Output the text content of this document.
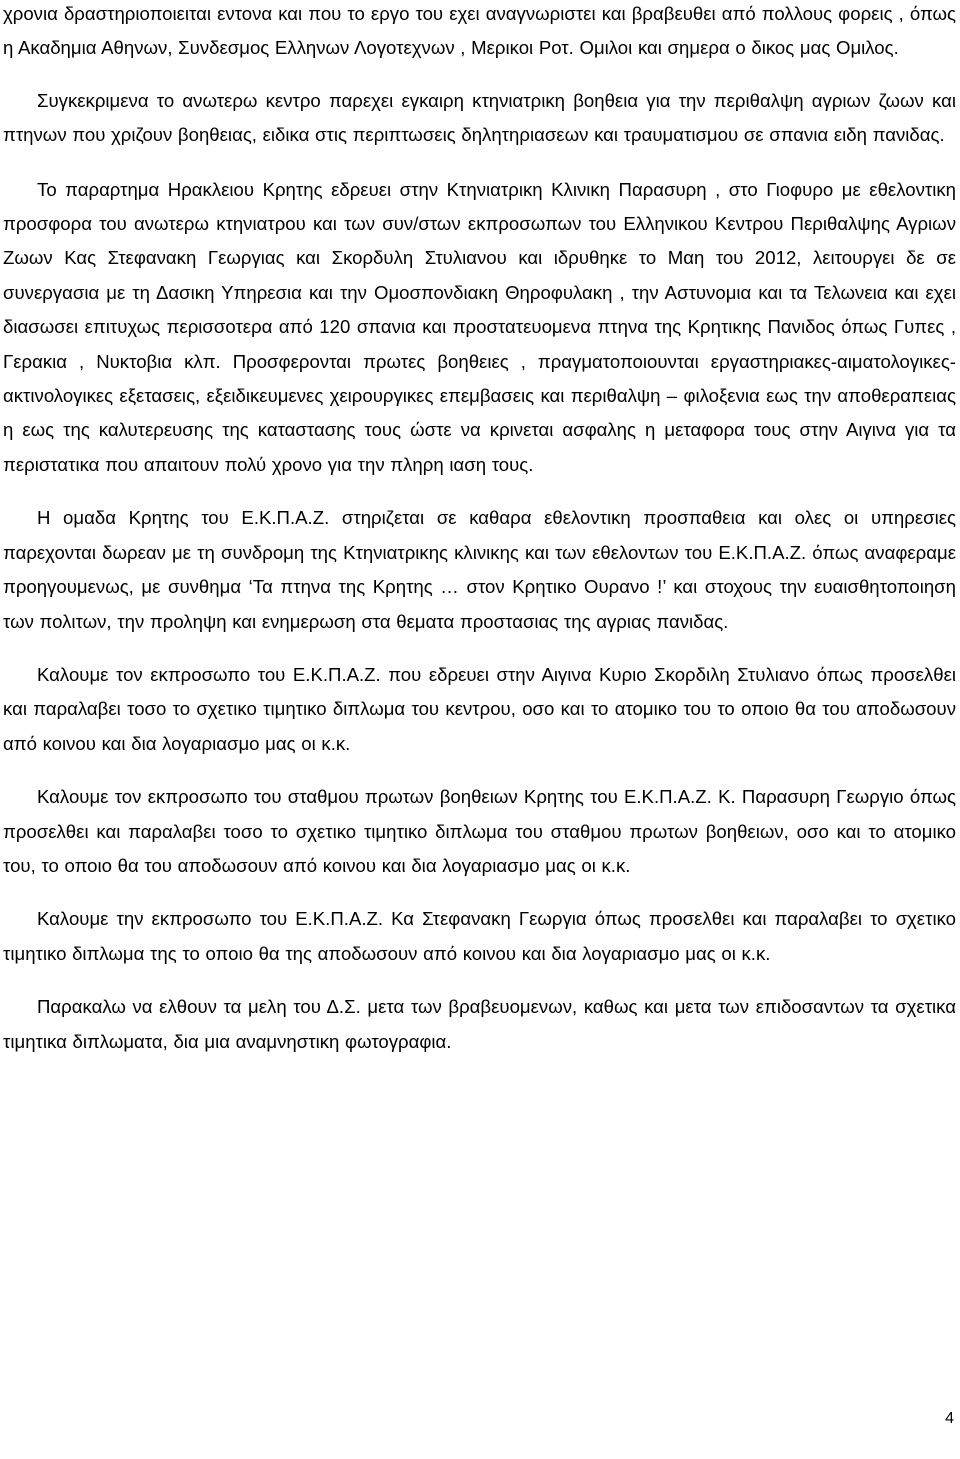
χρονια δραστηριοποιειται εντονα και που το εργο του εχει αναγνωριστει και βραβευθει από πολλους φορεις , όπως η Ακαδημια Αθηνων, Συνδεσμος Ελληνων Λογοτεχνων , Μερικοι Ροτ. Ομιλοι και σημερα ο δικος μας Ομιλος.

Συγκεκριμενα το ανωτερω κεντρο παρεχει εγκαιρη κτηνιατρικη βοηθεια για την περιθαλψη αγριων ζωων και πτηνων που χριζουν βοηθειας, ειδικα στις περιπτωσεις δηλητηριασεων και τραυματισμου σε σπανια ειδη πανιδας.

Το παραρτημα Ηρακλειου Κρητης εδρευει στην Κτηνιατρικη Κλινικη Παρασυρη , στο Γιοφυρο με εθελοντικη προσφορα του ανωτερω κτηνιατρου και των συν/στων εκπροσωπων του Ελληνικου Κεντρου Περιθαλψης Αγριων Ζωων Κας Στεφανακη Γεωργιας και Σκορδυλη Στυλιανου και ιδρυθηκε το Μαη του 2012, λειτουργει δε σε συνεργασια με τη Δασικη Υπηρεσια και την Ομοσπονδιακη Θηροφυλακη , την Αστυνομια και τα Τελωνεια και εχει διασωσει επιτυχως περισσοτερα από 120 σπανια και προστατευομενα πτηνα της Κρητικης Πανιδος όπως Γυπες , Γερακια , Νυκτοβια κλπ. Προσφερονται πρωτες βοηθειες , πραγματοποιουνται εργαστηριακες-αιματολογικες-ακτινολογικες εξετασεις, εξειδικευμενες χειρουργικες επεμβασεις και περιθαλψη – φιλοξενια εως την αποθεραπειας η εως της καλυτερευσης της καταστασης τους ώστε να κρινεται ασφαλης η μεταφορα τους στην Αιγινα για τα περιστατικα που απαιτουν πολύ χρονο για την πληρη ιαση τους.

Η ομαδα Κρητης του Ε.Κ.Π.Α.Ζ. στηριζεται σε καθαρα εθελοντικη προσπαθεια και ολες οι υπηρεσιες παρεχονται δωρεαν με τη συνδρομη της Κτηνιατρικης κλινικης και των εθελοντων του Ε.Κ.Π.Α.Ζ. όπως αναφεραμε προηγουμενως, με συνθημα ‘Τα πτηνα της Κρητης … στον Κρητικο Ουρανο !’ και στοχους την ευαισθητοποιηση των πολιτων, την προληψη και ενημερωση στα θεματα προστασιας της αγριας πανιδας.

Καλουμε τον εκπροσωπο του Ε.Κ.Π.Α.Ζ. που εδρευει στην Αιγινα Κυριο Σκορδιλη Στυλιανο όπως προσελθει και παραλαβει τοσο το σχετικο τιμητικο διπλωμα του κεντρου, οσο και το ατομικο του το οποιο θα του αποδωσουν από κοινου και δια λογαριασμο μας οι κ.κ.

Καλουμε τον εκπροσωπο του σταθμου πρωτων βοηθειων Κρητης του Ε.Κ.Π.Α.Ζ. Κ. Παρασυρη Γεωργιο όπως προσελθει και παραλαβει τοσο το σχετικο τιμητικο διπλωμα του σταθμου πρωτων βοηθειων, οσο και το ατομικο του, το οποιο θα του αποδωσουν από κοινου και δια λογαριασμο μας οι κ.κ.

Καλουμε την εκπροσωπο του Ε.Κ.Π.Α.Ζ. Κα Στεφανακη Γεωργια όπως προσελθει και παραλαβει το σχετικο τιμητικο διπλωμα της το οποιο θα της αποδωσουν από κοινου και δια λογαριασμο μας οι κ.κ.

Παρακαλω να ελθουν τα μελη του Δ.Σ. μετα των βραβευομενων, καθως και μετα των επιδοσαντων τα σχετικα τιμητικα διπλωματα, δια μια αναμνηστικη φωτογραφια.

4
